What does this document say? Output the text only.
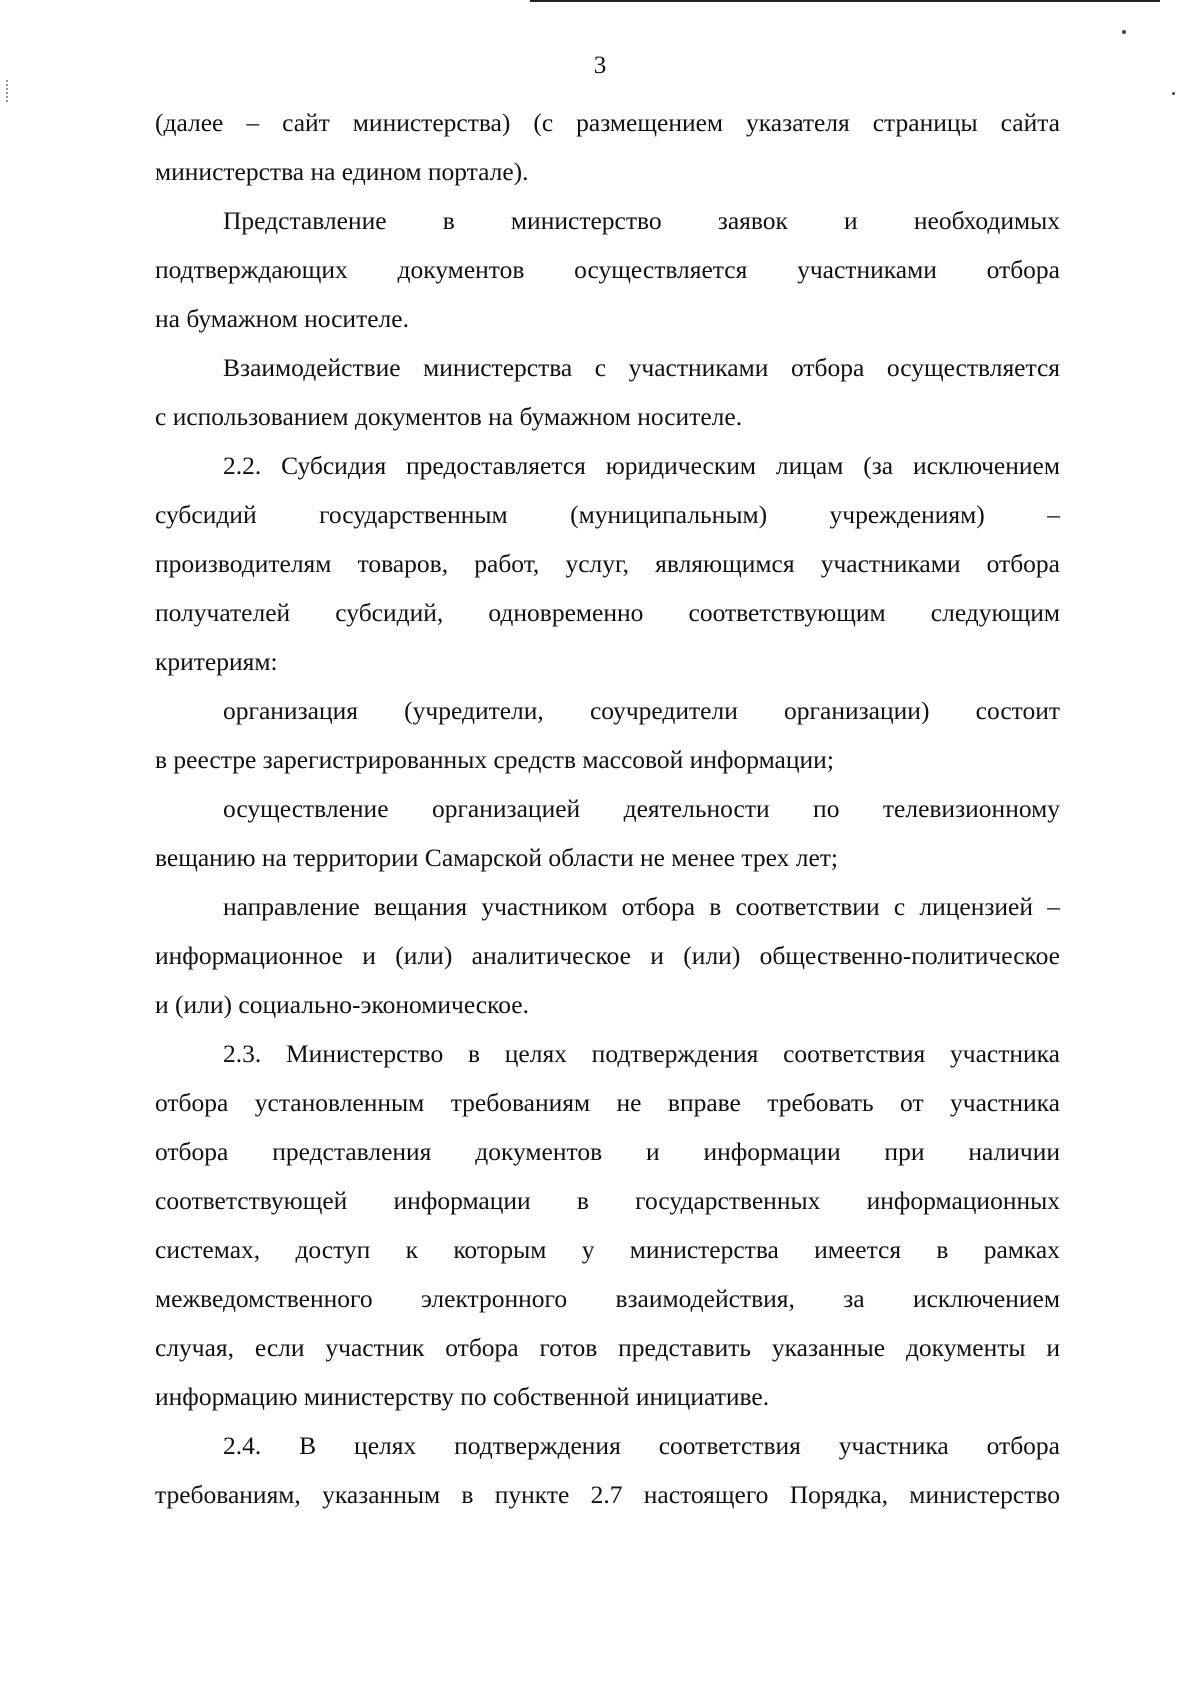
3
(далее – сайт министерства) (с размещением указателя страницы сайта
министерства на едином портале).
Представление в министерство заявок и необходимых
подтверждающих документов осуществляется участниками отбора
на бумажном носителе.
Взаимодействие министерства с участниками отбора осуществляется
с использованием документов на бумажном носителе.
2.2. Субсидия предоставляется юридическим лицам (за исключением
субсидий государственным (муниципальным) учреждениям) –
производителям товаров, работ, услуг, являющимся участниками отбора
получателей субсидий, одновременно соответствующим следующим
критериям:
организация (учредители, соучредители организации) состоит
в реестре зарегистрированных средств массовой информации;
осуществление организацией деятельности по телевизионному
вещанию на территории Самарской области не менее трех лет;
направление вещания участником отбора в соответствии с лицензией –
информационное и (или) аналитическое и (или) общественно-политическое
и (или) социально-экономическое.
2.3. Министерство в целях подтверждения соответствия участника
отбора установленным требованиям не вправе требовать от участника
отбора представления документов и информации при наличии
соответствующей информации в государственных информационных
системах, доступ к которым у министерства имеется в рамках
межведомственного электронного взаимодействия, за исключением
случая, если участник отбора готов представить указанные документы и
информацию министерству по собственной инициативе.
2.4. В целях подтверждения соответствия участника отбора
требованиям, указанным в пункте 2.7 настоящего Порядка, министерство
